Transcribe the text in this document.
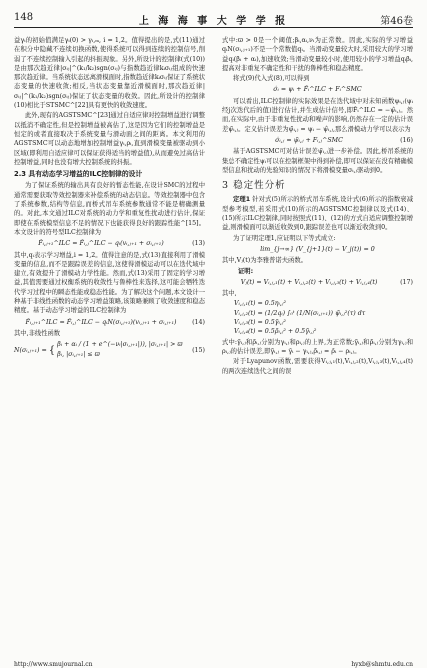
148	上 海 海 事 大 学 学 报	第46卷

益γᵢ的初始值满足γᵢ(0) > γᵢ,ₘ, i = 1,2。值得提出的是,式(11)通过在积分中隐藏不连续切换函数,使得系统可以得到连续的控制信号,削弱了不连续控制输入引起的抖振现象。另外,所设计的控制律(式(10))是由那次趋近律|σᵢⱼ|^(k₁/k₂)sgn(σᵢⱼ)与指数趋近律kᵢσᵢⱼ组成的快速那次趋近律。当系统状态远离滑模面时,指数趋近律kᵢσᵢⱼ保证了系统状态变量的快速收敛;相反,当状态变量靠近滑模面时,那次趋近律|σᵢⱼ|^(k₁/k₂)sgn(σᵢⱼ)保证了状态变量的收敛。因此,所设计的控制律(10)相比于STSMC^[22]具有更快的收敛速度。

此外,现有的AGSTSMC^[23]通过自适应律对控制增益进行调整以抵消不确定性,但是控制增益被高估了,这是因为它们的控制增益是恒定的或者直接取决于系统变量与滑动面之间的距离。本文利用的AGSTSMC可以动态地增加控制增益γᵢ,ρᵢ,直到滑模变量被驱动到小区域(即利用自适应律可以保证获得适当的增益值),从而避免过高估计控制增益,同时也没有增大控制系统的抖振。

2.3 具有动态学习增益的ILC控制律的设计

为了保证系统的输出具有良好的暂态性能,在设计SMC的过程中通常需要获取等效控制器来补偿系统的动态信息。等效控制器中包含了系统参数,结构等信息,而桥式吊车系统参数通常不能是精确测量的。对此,本文通过ILC对系统的动力学和重复性扰动进行估计,保证即使在系统模型信息不足的情况下也能获得良好的跟踪性能^[15]。本文设计的符号型ILC控制律为

F̂ᵢ,ⱼ₊₁^ILC = F̂ᵢ,ⱼ^ILC − qᵢ(vᵢ,ⱼ₊₁ + σᵢ,ⱼ₊₁)	(13)

其中,qᵢ表示学习增益,i = 1,2。值得注意的是,式(13)直接利用了滑模变量的信息,而不是跟踪误差的信息,这使得滑模运动可以在迭代域中建立,有效提升了滑模动力学性能。然而,式(13)采用了固定的学习增益,其值需要通过权衡系统的收敛性与鲁棒性来选择,这可能会牺牲迭代学习过程中的瞬态性能或稳态性能。为了解决这个问题,本文设计一种基于非线性函数的动态学习增益策略,该策略兼顾了收敛速度和稳态精度。基于动态学习增益的ILC控制律为

F̂ᵢ,ⱼ₊₁^ILC = F̂ᵢ,ⱼ^ILC − qᵢN(σᵢ,ⱼ₊₁)(vᵢ,ⱼ₊₁ + σᵢ,ⱼ₊₁)	(14)

其中,非线性函数

N(σᵢ,ⱼ₊₁) = { βᵢ + αᵢ / (1 + e^(−νᵢ|σᵢ,ⱼ₊₁|)), |σᵢ,ⱼ₊₁| > ϖ
βᵢ, |σᵢ,ⱼ₊₁| ≤ ϖ
(15)

式中:ϖ > 0是一个阈值;βᵢ,αᵢ,νᵢ为正常数。因此,实际的学习增益qᵢN(σᵢ,ⱼ₊₁)不是一个常数值qᵢ。当滑动变量较大时,采用较大的学习增益qᵢ(βᵢ + αᵢ),加速收敛;当滑动变量较小时,使用较小的学习增益qᵢβᵢ,提高对非重复不确定性和干扰的鲁棒性和稳态精度。

将式(9)代入式(8),可以得到

σ̇ᵢ = ψᵢ + F̂ᵢ^ILC + Fᵢ^SMC

可以看出,ILC控制律的实际效果是在迭代域中对未知函数ψᵢ,ⱼ(ψᵢ经j次迭代后的值)进行估计,并生成估计信号,即F̂ᵢ^ILC = −ψ̂ᵢ,ⱼ。然而,在实际中,由于非重复性扰动和噪声的影响,仍然存在一定的估计误差ψ̃ᵢ,ⱼ。定义估计误差为ψ̃ᵢ,ⱼ = ψᵢ − ψ̂ᵢ,ⱼ,那么滑模动力学可以表示为

σ̇ᵢ,ⱼ = ψ̃ᵢ,ⱼ + Fᵢ,ⱼ^SMC	(16)

基于AGSTSMC可对估计误差ψ̃ᵢ,ⱼ进一步补偿。因此,桥吊系统的集总不确定性ψᵢ可以在控制框架中得到补偿,即可以保证在没有精确模型信息和扰动的先验知识的情况下将滑模变量σᵢ,ⱼ驱动到0。

3 稳定性分析

定理1 针对式(5)所示的桥式吊车系统,设计式(6)所示的指数衰减型参考模型,若采用式(10)所示的AGSTSMC控制律以及式(14)、(15)所示ILC控制律,同时按照式(11)、(12)的方式自适应调整控制增益,则滑模面可以渐近收敛到0,跟踪误差也可以渐近收敛到0。

为了证明定理1,应证明以下等式成立:

lim_{j→∞} (V_{j+1}(t) − V_j(t)) = 0

其中,Vⱼ(t)为李雅普诺夫函数。

证明:
Vⱼ(t) = Vᵢ,ⱼ,₁(t) + Vᵢ,ⱼ,₂(t) + Vᵢ,ⱼ,₃(t) + Vᵢ,ⱼ,₄(t)	(17)

其中,

Vᵢ,ⱼ,₁(t) = 0.5ηᵢ,ⱼ²
Vᵢ,ⱼ,₂(t) = (1/2qᵢ) ∫₀ᵗ (1/N(σᵢ,ⱼ₊₁)) ψ̃ᵢ,ⱼ²(τ) dτ
Vᵢ,ⱼ,₃(t) = 0.5γ̃ᵢ,ⱼ²
Vᵢ,ⱼ,₄(t) = 0.5ρ̃ᵢ,ⱼ² + 0.5γ̃ᵢ,ⱼ²

式中:γ̃ᵢ,ⱼ和ρ̃ᵢ,ⱼ分别为γᵢ,ⱼ和ρᵢ,ⱼ的上界,为正常数;γ̃ᵢ,ⱼ和ρ̃ᵢ,ⱼ分别为γᵢ,ⱼ和ρᵢ,ⱼ的估计误差,即γ̃ᵢ,ⱼ = γ̄ᵢ − γᵢ,ⱼ,ρ̃ᵢ,ⱼ = ρ̄ᵢ − ρᵢ,ⱼ。

对于Lyapunov函数,需要获得Vᵢ,ⱼ,₁(t),Vᵢ,ⱼ,₂(t),Vᵢ,ⱼ,₃(t),Vᵢ,ⱼ,₄(t)的两次连续迭代之间的误

http://www.smujournal.cn	hyxb@shmtu.edu.cn
